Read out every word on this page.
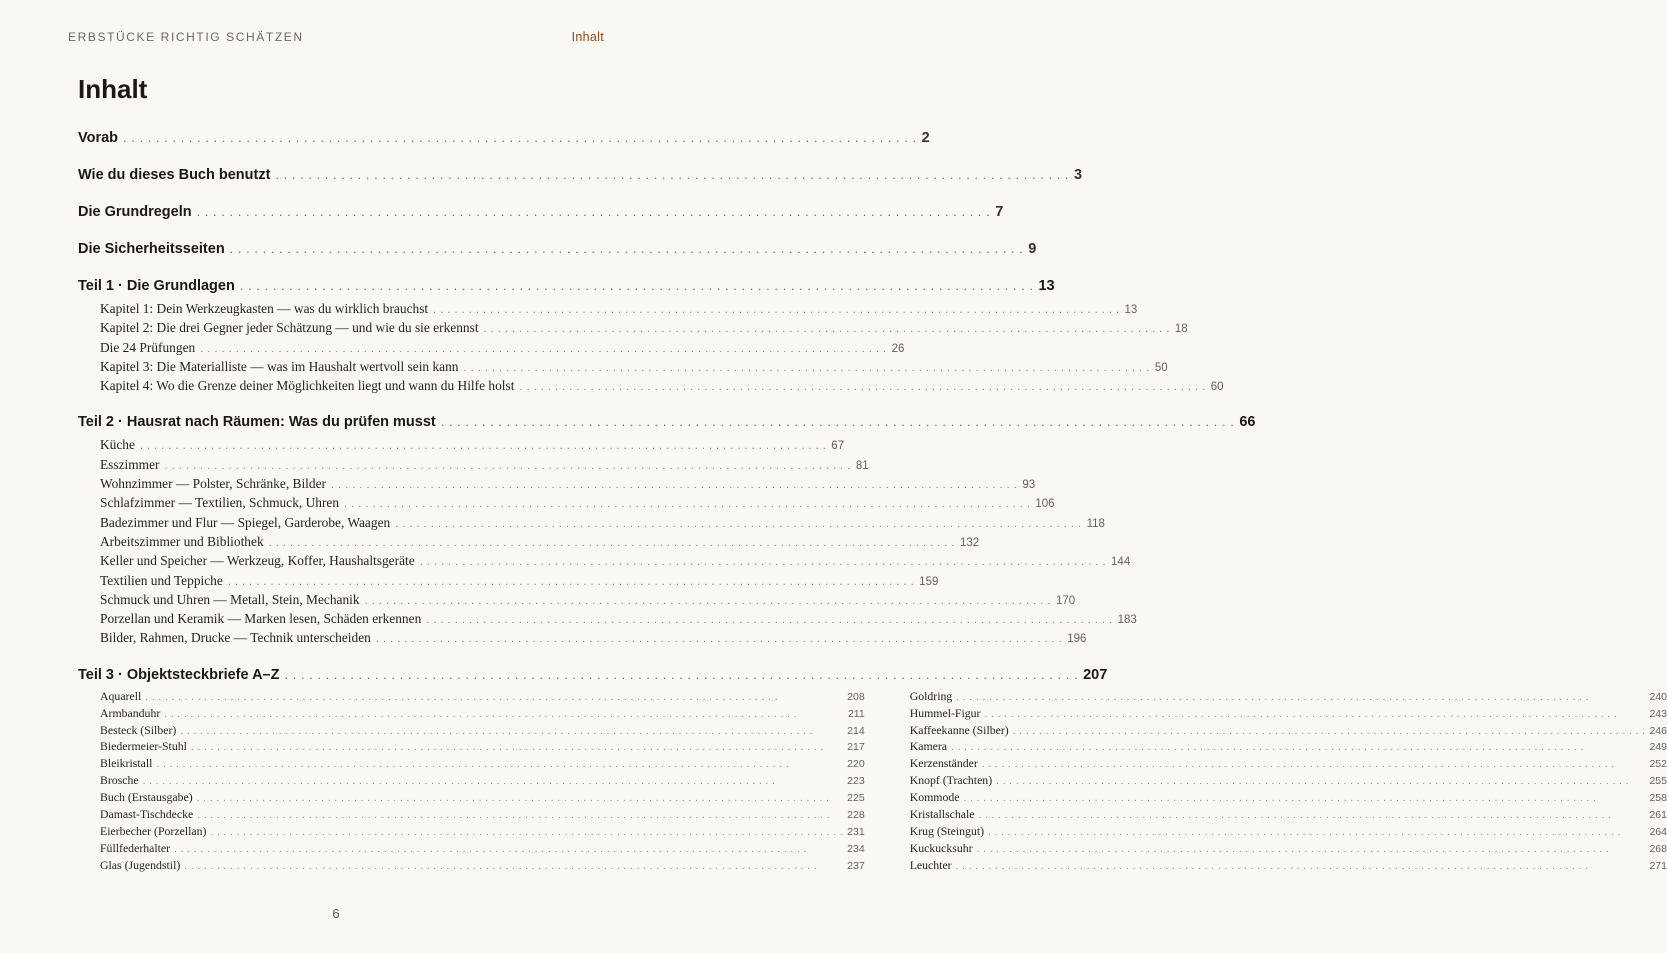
ERBSTÜCKE RICHTIG SCHÄTZEN	Inhalt
Inhalt
Vorab . . .	2
Wie du dieses Buch benutzt . . .	3
Die Grundregeln . . .	7
Die Sicherheitsseiten . . .	9
Teil 1 · Die Grundlagen . . .	13
Kapitel 1: Dein Werkzeugkasten — was du wirklich brauchst . . .	13
Kapitel 2: Die drei Gegner jeder Schätzung — und wie du sie erkennst . . .	18
Die 24 Prüfungen . . .	26
Kapitel 3: Die Materialliste — was im Haushalt wertvoll sein kann . . .	50
Kapitel 4: Wo die Grenze deiner Möglichkeiten liegt und wann du Hilfe holst . . .	60
Teil 2 · Hausrat nach Räumen: Was du prüfen musst . . .	66
Küche . . .	67
Esszimmer . . .	81
Wohnzimmer — Polster, Schränke, Bilder . . .	93
Schlafzimmer — Textilien, Schmuck, Uhren . . .	106
Badezimmer und Flur — Spiegel, Garderobe, Waagen . . .	118
Arbeitszimmer und Bibliothek . . .	132
Keller und Speicher — Werkzeug, Koffer, Haushaltsgeräte . . .	144
Textilien und Teppiche . . .	159
Schmuck und Uhren — Metall, Stein, Mechanik . . .	170
Porzellan und Keramik — Marken lesen, Schäden erkennen . . .	183
Bilder, Rahmen, Drucke — Technik unterscheiden . . .	196
Teil 3 · Objektsteckbriefe A–Z . . .	207
Aquarell . . .	208
Armbanduhr . . .	211
Besteck (Silber) . . .	214
Biedermeier-Stuhl . . .	217
Bleikristall . . .	220
Brosche . . .	223
Buch (Erstausgabe) . . .	225
Damast-Tischdecke . . .	228
Eierbecher (Porzellan) . . .	231
Füllfederhalter . . .	234
Glas (Jugendstil) . . .	237
Goldring . . .	240
Hummel-Figur . . .	243
Kaffeekanne (Silber) . . .	246
Kamera . . .	249
Kerzenständer . . .	252
Knopf (Trachten) . . .	255
Kommode . . .	258
Kristallschale . . .	261
Krug (Steingut) . . .	264
Kuckucksuhr . . .	268
Leuchter . . .	271
6
